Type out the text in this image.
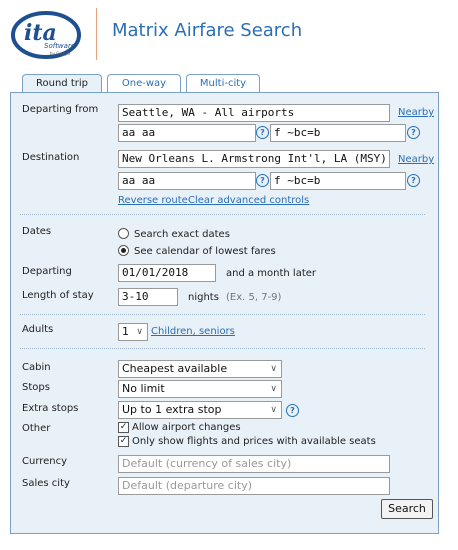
ita
Software
by Google
Matrix Airfare Search
Round trip	One-way	Multi-city
Departing from	Seattle, WA - All airports	Nearby
aa aa	? f ~bc=b	?
Destination	New Orleans L. Armstrong Int'l, LA (MSY)	Nearby
aa aa	? f ~bc=b	?
Reverse route Clear advanced controls
Dates	Search exact dates
See calendar of lowest fares
Departing	01/01/2018	and a month later
Length of stay	3-10	nights (Ex. 5, 7-9)
Adults	1 ∨ Children, seniors
Cabin	Cheapest available	∨
Stops	No limit	∨
Extra stops	Up to 1 extra stop	∨	?
Other	✓ Allow airport changes
✓ Only show flights and prices with available seats
Currency	Default (currency of sales city)
Sales city	Default (departure city)
Search
